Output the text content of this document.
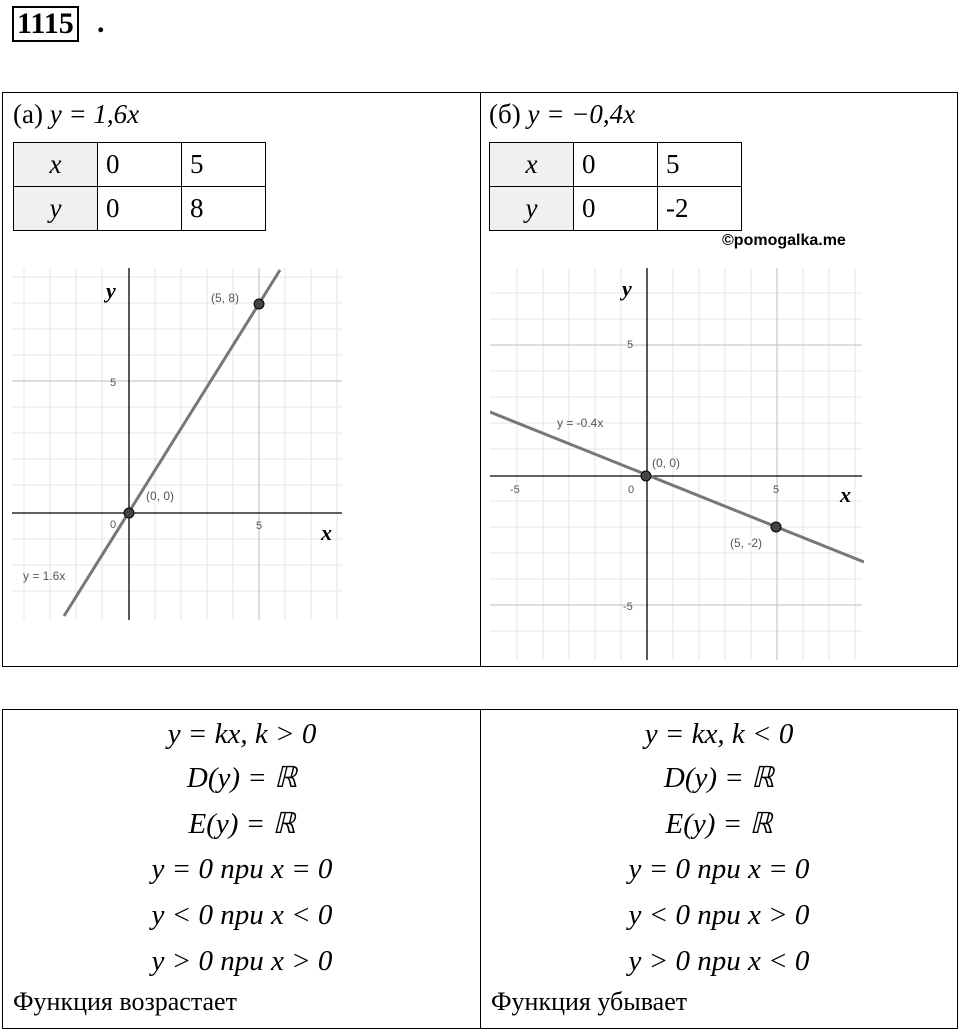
1115 .
(а) y = 1,6x
x	0	5
y	0	8
0	5
5
y = 1.6x
(0, 0)
(5, 8)
y
x
(б) y = −0,4x
x	0	5
y	0	-2
©pomogalka.me
0
-5	5
5
-5
y = -0.4x
(0, 0)
(5, -2)
y
x
y = kx, k > 0
D(y) = ℝ
E(y) = ℝ
y = 0 при x = 0
y < 0 при x < 0
y > 0 при x > 0
Функция возрастает
y = kx, k < 0
D(y) = ℝ
E(y) = ℝ
y = 0 при x = 0
y < 0 при x > 0
y > 0 при x < 0
Функция убывает
